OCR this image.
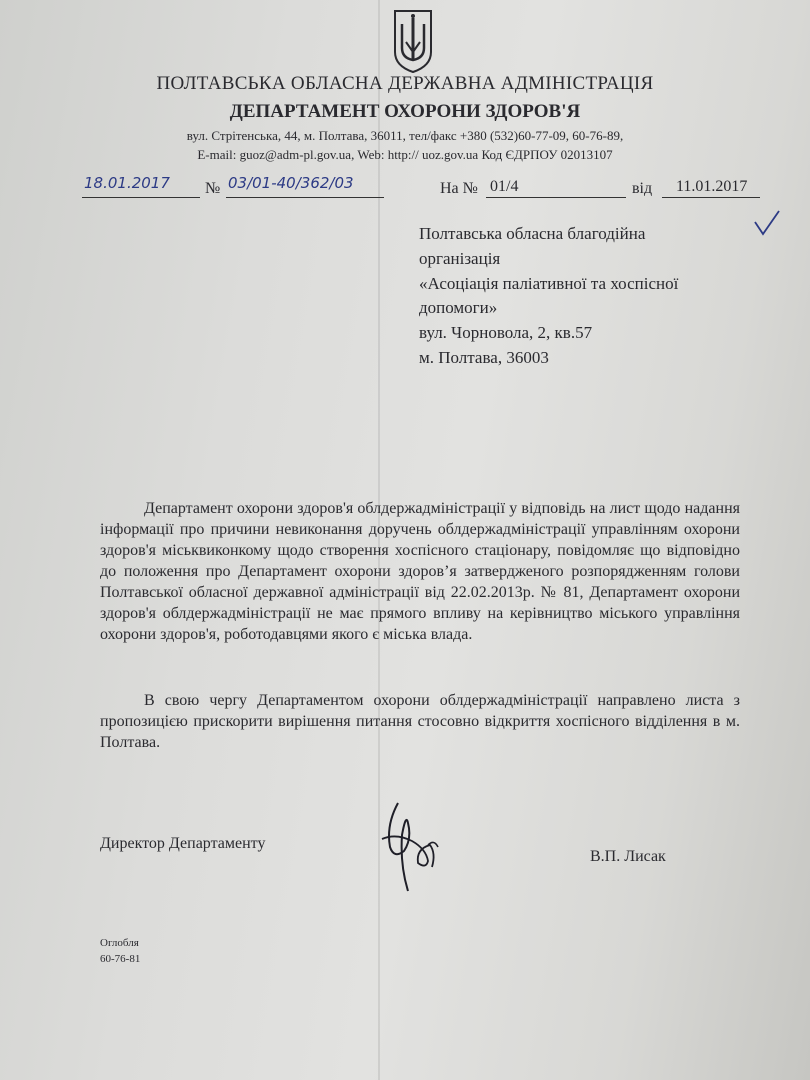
ПОЛТАВСЬКА ОБЛАСНА ДЕРЖАВНА АДМІНІСТРАЦІЯ
ДЕПАРТАМЕНТ ОХОРОНИ ЗДОРОВ'Я
вул. Стрітенська, 44, м. Полтава, 36011, тел/факс +380 (532)60-77-09, 60-76-89,
E-mail: guoz@adm-pl.gov.ua, Web: http:// uoz.gov.ua Код ЄДРПОУ 02013107
18.01.2017 № 03/01-40/362/03	На № 01/4	від 11.01.2017
Полтавська обласна благодійна
організація
«Асоціація паліативної та хоспісної
допомоги»
вул. Чорновола, 2, кв.57
м. Полтава, 36003

Департамент охорони здоров'я облдержадміністрації у відповідь на лист щодо надання інформації про причини невиконання доручень облдержадміністрації управлінням охорони здоров'я міськвиконкому щодо створення хоспісного стаціонару, повідомляє що відповідно до положення про Департамент охорони здоров’я затвердженого розпорядженням голови Полтавської обласної державної адміністрації від 22.02.2013р. № 81, Департамент охорони здоров'я облдержадміністрації не має прямого впливу на керівництво міського управління охорони здоров'я, роботодавцями якого є міська влада.

В свою чергу Департаментом охорони облдержадміністрації направлено листа з пропозицією прискорити вирішення питання стосовно відкриття хоспісного відділення в м. Полтава.

Директор Департаменту
В.П. Лисак
Оглобля
60-76-81
